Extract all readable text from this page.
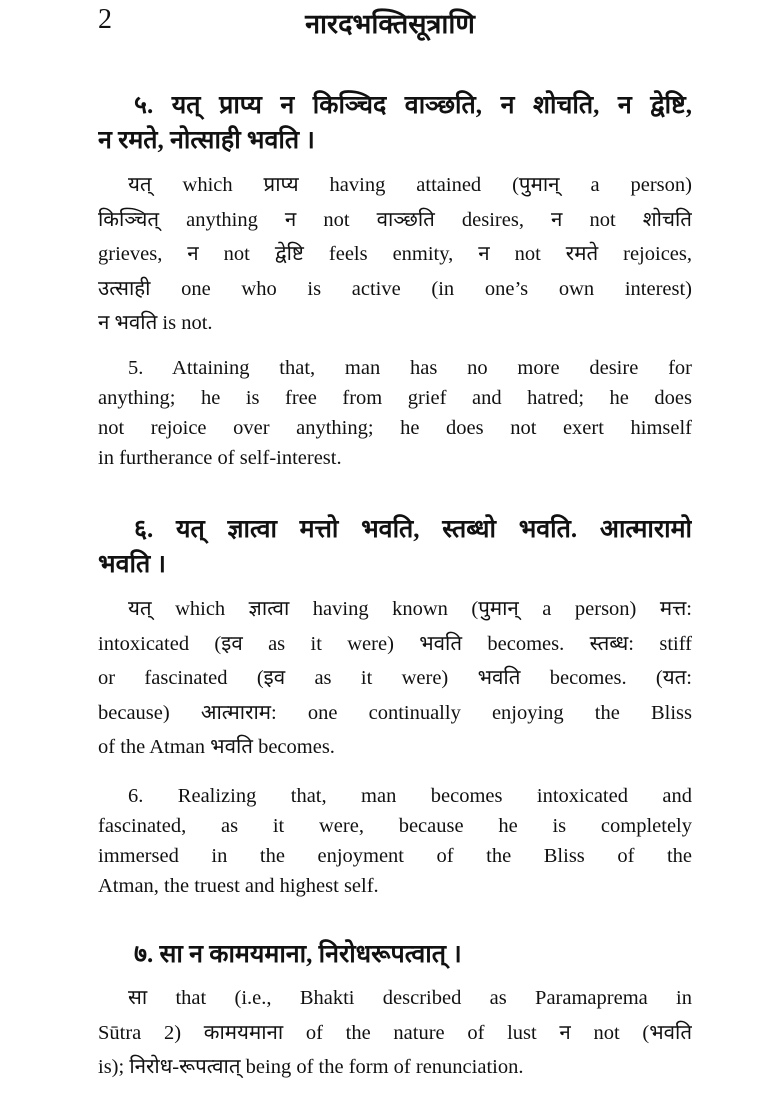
2	नारदभक्तिसूत्राणि
५. यत् प्राप्य न किञ्चिद वाञ्छति, न शोचति, न द्वेष्टि,
न रमते, नोत्साही भवति ।
यत् which प्राप्य having attained (पुमान् a person)
किञ्चित् anything न not वाञ्छति desires, न not शोचति
grieves, न not द्वेष्टि feels enmity, न not रमते rejoices,
उत्साही one who is active (in one’s own interest)
न भवति is not.
5. Attaining that, man has no more desire for
anything; he is free from grief and hatred; he does
not rejoice over anything; he does not exert himself
in furtherance of self-interest.
६. यत् ज्ञात्वा मत्तो भवति, स्तब्धो भवति. आत्मारामो
भवति ।
यत् which ज्ञात्वा having known (पुमान् a person) मत्त:
intoxicated (इव as it were) भवति becomes. स्तब्ध: stiff
or fascinated (इव as it were) भवति becomes. (यत:
because) आत्माराम: one continually enjoying the Bliss
of the Atman भवति becomes.
6. Realizing that, man becomes intoxicated and
fascinated, as it were, because he is completely
immersed in the enjoyment of the Bliss of the
Atman, the truest and highest self.
७. सा न कामयमाना, निरोधरूपत्वात् ।
सा that (i.e., Bhakti described as Paramaprema in
Sūtra 2) कामयमाना of the nature of lust न not (भवति
is); निरोध-रूपत्वात् being of the form of renunciation.
